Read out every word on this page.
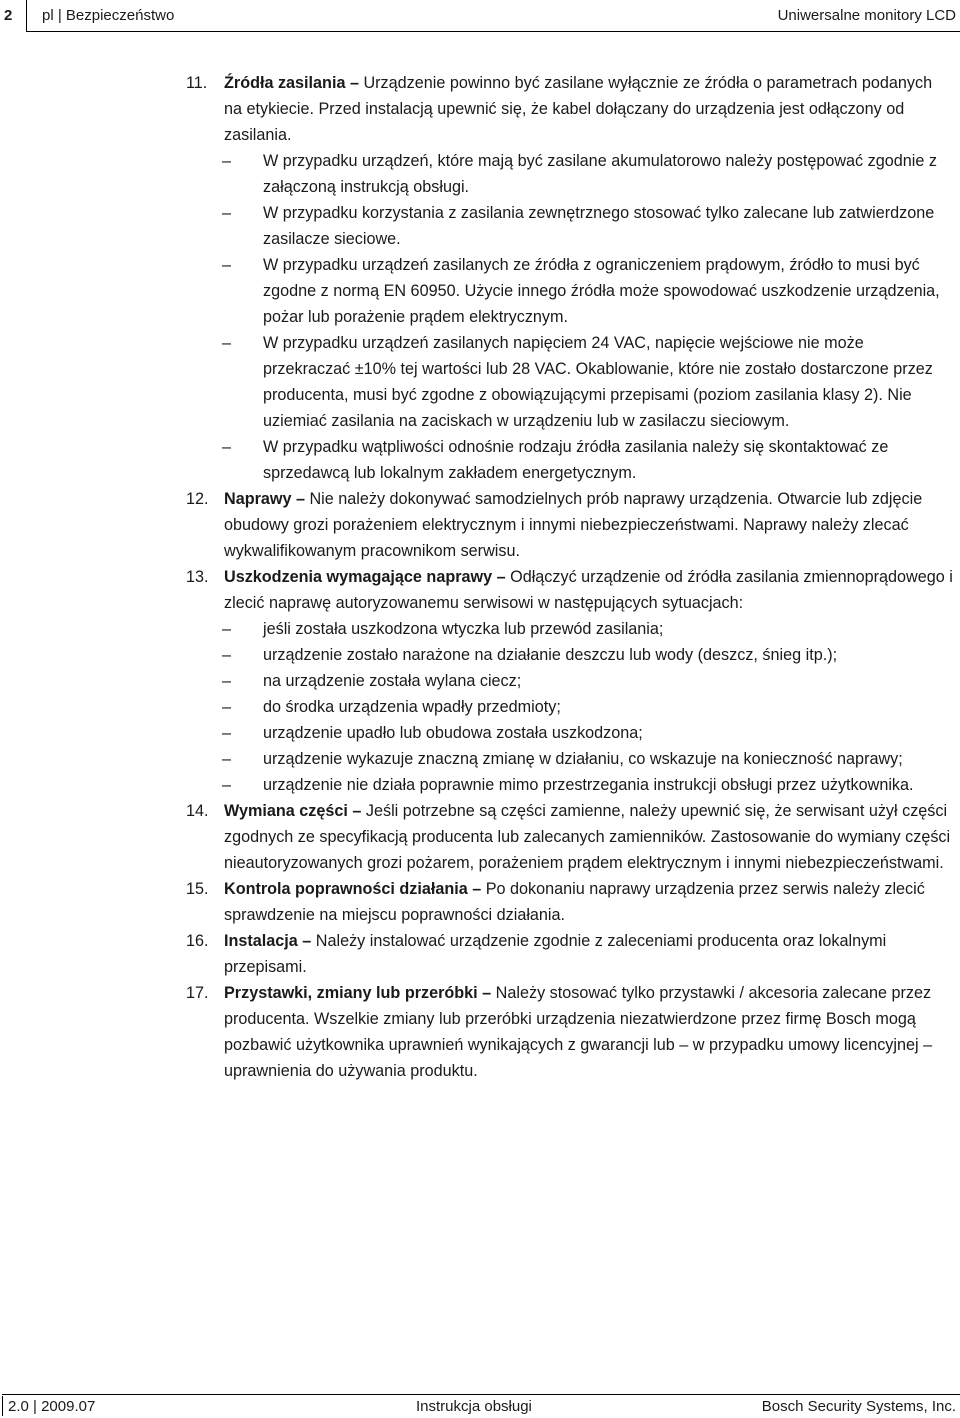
2 pl | Bezpieczeństwo	Uniwersalne monitory LCD
11. Źródła zasilania – Urządzenie powinno być zasilane wyłącznie ze źródła o parametrach podanych na etykiecie. Przed instalacją upewnić się, że kabel dołączany do urządzenia jest odłączony od zasilania.
– W przypadku urządzeń, które mają być zasilane akumulatorowo należy postępować zgodnie z załączoną instrukcją obsługi.
– W przypadku korzystania z zasilania zewnętrznego stosować tylko zalecane lub zatwierdzone zasilacze sieciowe.
– W przypadku urządzeń zasilanych ze źródła z ograniczeniem prądowym, źródło to musi być zgodne z normą EN 60950. Użycie innego źródła może spowodować uszkodzenie urządzenia, pożar lub porażenie prądem elektrycznym.
– W przypadku urządzeń zasilanych napięciem 24 VAC, napięcie wejściowe nie może przekraczać ±10% tej wartości lub 28 VAC. Okablowanie, które nie zostało dostarczone przez producenta, musi być zgodne z obowiązującymi przepisami (poziom zasilania klasy 2). Nie uziemiać zasilania na zaciskach w urządzeniu lub w zasilaczu sieciowym.
– W przypadku wątpliwości odnośnie rodzaju źródła zasilania należy się skontaktować ze sprzedawcą lub lokalnym zakładem energetycznym.
12. Naprawy – Nie należy dokonywać samodzielnych prób naprawy urządzenia. Otwarcie lub zdjęcie obudowy grozi porażeniem elektrycznym i innymi niebezpieczeństwami. Naprawy należy zlecać wykwalifikowanym pracownikom serwisu.
13. Uszkodzenia wymagające naprawy – Odłączyć urządzenie od źródła zasilania zmiennoprądowego i zlecić naprawę autoryzowanemu serwisowi w następujących sytuacjach:
– jeśli została uszkodzona wtyczka lub przewód zasilania;
– urządzenie zostało narażone na działanie deszczu lub wody (deszcz, śnieg itp.);
– na urządzenie została wylana ciecz;
– do środka urządzenia wpadły przedmioty;
– urządzenie upadło lub obudowa została uszkodzona;
– urządzenie wykazuje znaczną zmianę w działaniu, co wskazuje na konieczność naprawy;
– urządzenie nie działa poprawnie mimo przestrzegania instrukcji obsługi przez użytkownika.
14. Wymiana części – Jeśli potrzebne są części zamienne, należy upewnić się, że serwisant użył części zgodnych ze specyfikacją producenta lub zalecanych zamienników. Zastosowanie do wymiany części nieautoryzowanych grozi pożarem, porażeniem prądem elektrycznym i innymi niebezpieczeństwami.
15. Kontrola poprawności działania – Po dokonaniu naprawy urządzenia przez serwis należy zlecić sprawdzenie na miejscu poprawności działania.
16. Instalacja – Należy instalować urządzenie zgodnie z zaleceniami producenta oraz lokalnymi przepisami.
17. Przystawki, zmiany lub przeróbki – Należy stosować tylko przystawki / akcesoria zalecane przez producenta. Wszelkie zmiany lub przeróbki urządzenia niezatwierdzone przez firmę Bosch mogą pozbawić użytkownika uprawnień wynikających z gwarancji lub – w przypadku umowy licencyjnej – uprawnienia do używania produktu.
2.0 | 2009.07	Instrukcja obsługi	Bosch Security Systems, Inc.
